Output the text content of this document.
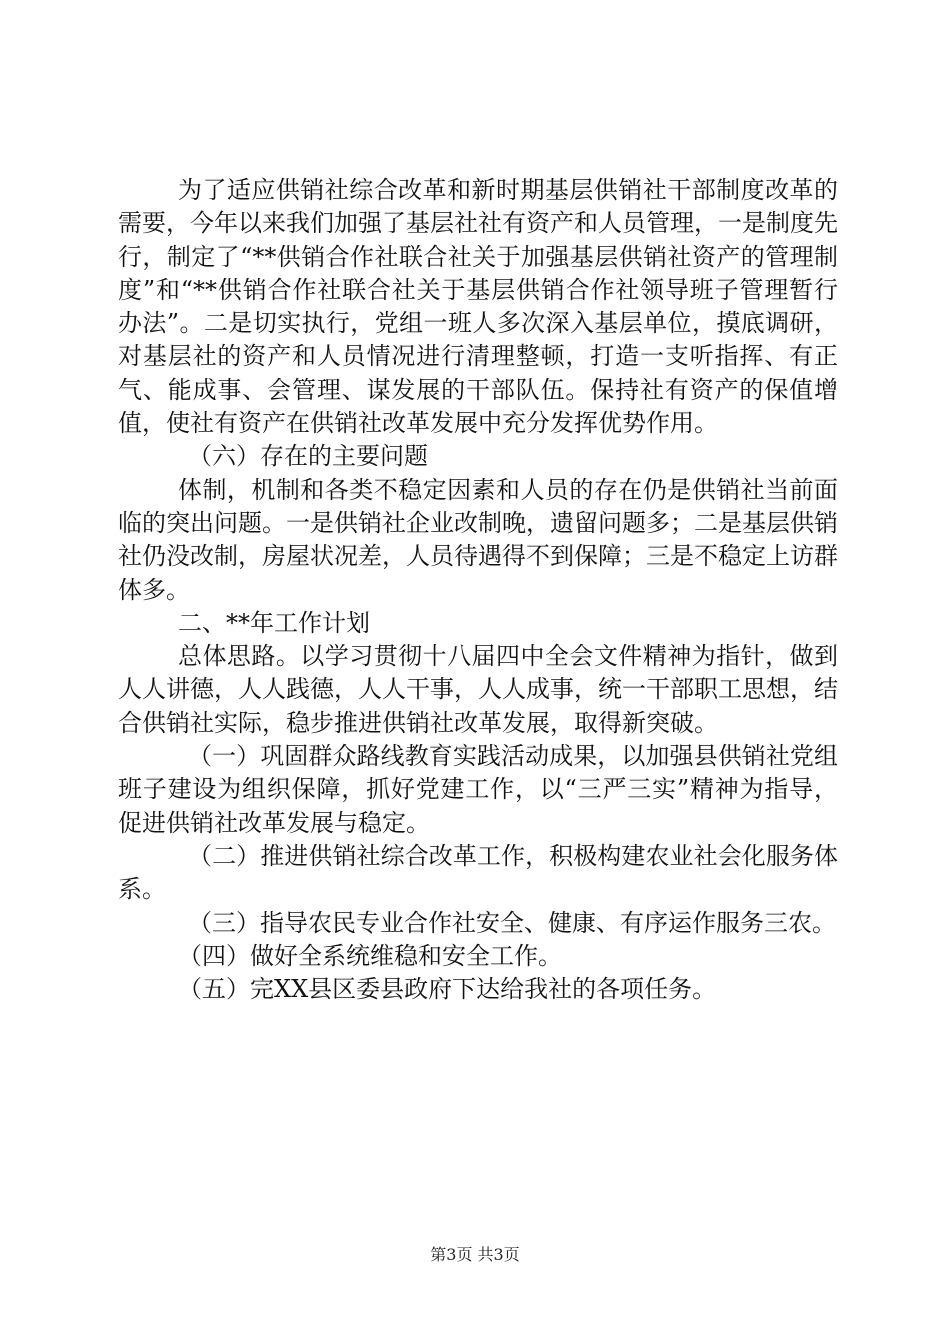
为了适应供销社综合改革和新时期基层供销社干部制度改革的需要，今年以来我们加强了基层社社有资产和人员管理，一是制度先行，制定了“**供销合作社联合社关于加强基层供销社资产的管理制度”和“**供销合作社联合社关于基层供销合作社领导班子管理暂行办法”。二是切实执行，党组一班人多次深入基层单位，摸底调研，对基层社的资产和人员情况进行清理整顿，打造一支听指挥、有正气、能成事、会管理、谋发展的干部队伍。保持社有资产的保值增值，使社有资产在供销社改革发展中充分发挥优势作用。

（六）存在的主要问题

体制，机制和各类不稳定因素和人员的存在仍是供销社当前面临的突出问题。一是供销社企业改制晚，遗留问题多；二是基层供销社仍没改制，房屋状况差，人员待遇得不到保障；三是不稳定上访群体多。

二、**年工作计划

总体思路。以学习贯彻十八届四中全会文件精神为指针，做到人人讲德，人人践德，人人干事，人人成事，统一干部职工思想，结合供销社实际，稳步推进供销社改革发展，取得新突破。

（一）巩固群众路线教育实践活动成果，以加强县供销社党组班子建设为组织保障，抓好党建工作，以“三严三实”精神为指导，促进供销社改革发展与稳定。

（二）推进供销社综合改革工作，积极构建农业社会化服务体系。

（三）指导农民专业合作社安全、健康、有序运作服务三农。

（四）做好全系统维稳和安全工作。

（五）完XX县区委县政府下达给我社的各项任务。

第3页 共3页
